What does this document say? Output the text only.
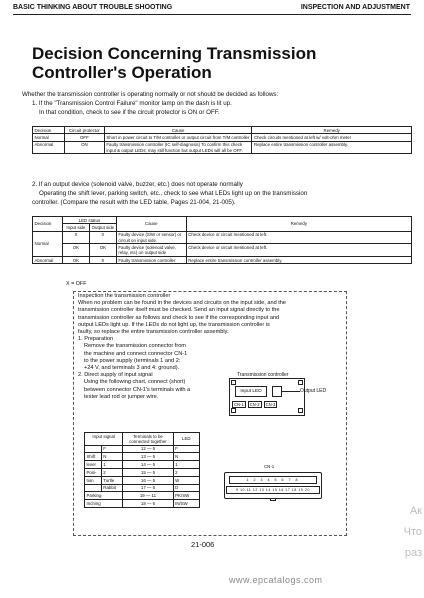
BASIC THINKING ABOUT TROUBLE SHOOTING	INSPECTION AND ADJUSTMENT
Decision Concerning Transmission Controller's Operation
Whether the transmission controller is operating normally or not should be decided as follows:
1. If the "Transmission Control Failure" monitor lamp on the dash is lit up.
In that condition, check to see if the circuit protector is ON or OFF.
Decision	Circuit protector	Cause	Remedy
Normal	OFF	Short in power circuit to T/M controller or output circuit from T/M controller	Check circuits mentioned at left w/ volt-ohm meter
Abnormal	ON	Faulty transmission controller (IC self-diagnosis) To confirm this check input & output LEDs; may still function but output LEDs will all be OFF.	Replace entire transmission controller assembly.
2. If an output device (solenoid valve, buzzer, etc.) does not operate normally
Operating the shift lever, parking switch, etc., check to see what LEDs light up on the transmission
controller. (Compare the result with the LED table, Pages 21-004, 21-005).
Decision	LED status		Cause	Remedy
	Input side	Output side		
Normal	X	X	Faulty device (S/W or sensor) or circuit on input side.	Check device or circuit mentioned at left.
	OK	OK	Faulty device (solenoid valve, relay, etc) on output side	Check device or circuit mentioned at left.
Abnormal	OK	X	Faulty transmission controller	Replace entire transmission controller assembly.
X = OFF
Inspection the transmission controller
When no problem can be found in the devices and circuits on the input side, and the
transmission controller itself must be checked. Send an input signal directly to the
transmission controller as follows and check to see if the corresponding input and
output LEDs light up. If the LEDs do not light up, the transmission controller is
faulty, so replace the entire transmission controller assembly.
1. Preparation
Remove the transmission connector from
the machine and connect connector CN-1
to the power supply (terminals 1 and 2:
+24 V, and terminals 3 and 4: ground).
2. Direct supply of input signal
Using the following chart, connect (short)
between connector CN-1's terminals with a
tester lead rod or jumper wire.
Transmission controller
Input LED	Output LED
CN-1 CN-2 CN-3
CN-1
1 2 3 4 5 6 7 8
9 10 11 12 13 14 15 16 17 18 19 20
Input signal		Terminals to be connected together	LED
	F	12 — 5	F
Shift	N	13 — 5	N
lever	1	14 — 5	1
Posi-	2	15 — 5	2
tion	Turtle	16 — 5	W
	Rabbit	17 — 5	D
Parking		19 — 11	PK/SW
Inching		18 — 6	IN/SW
21-006
www.epcatalogs.com
Ак
Что
раз
